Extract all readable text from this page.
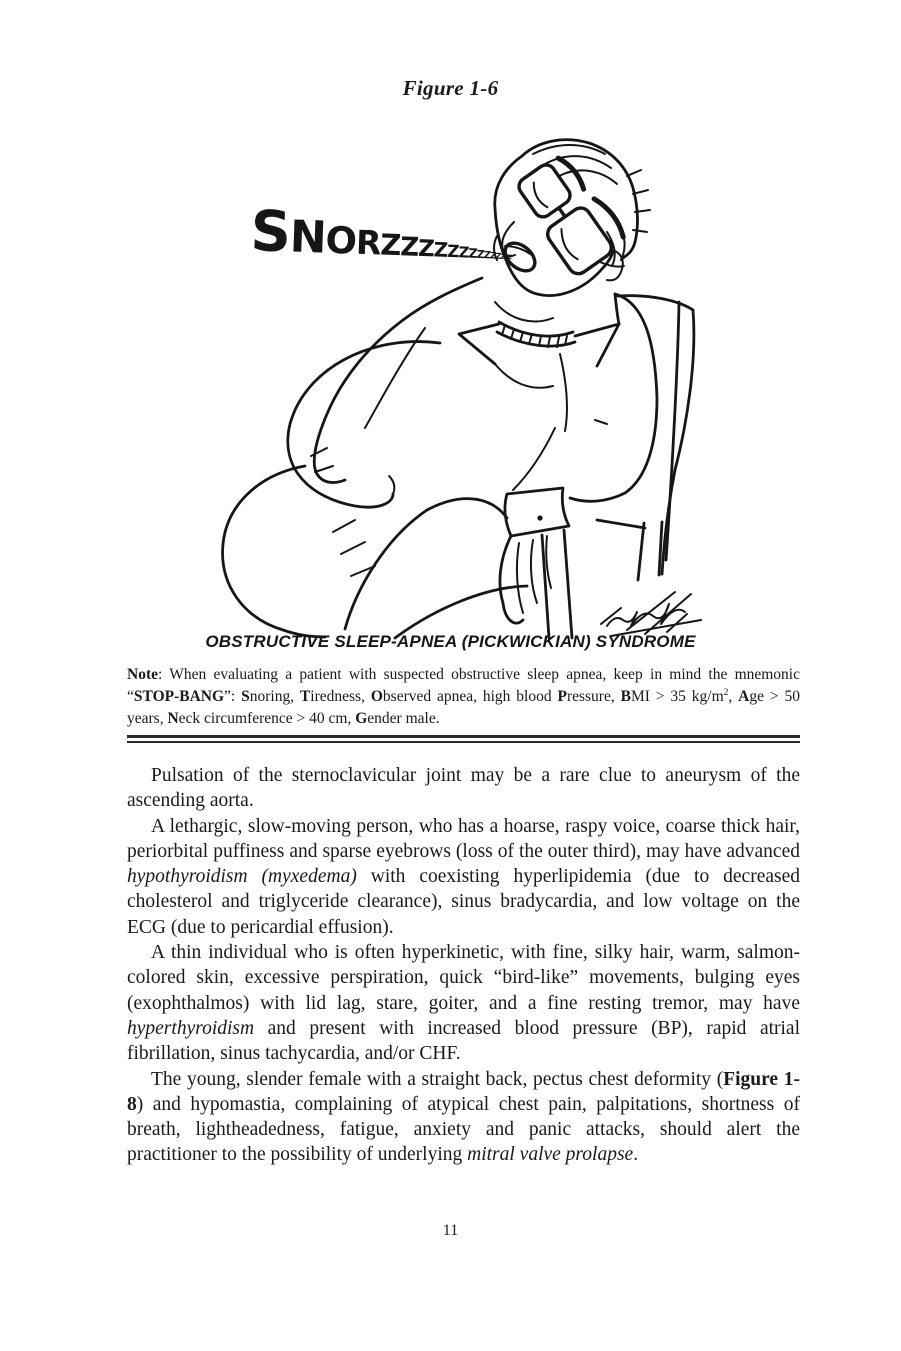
Figure 1-6
SNORZZZZZZZZZZZZZZ
OBSTRUCTIVE SLEEP-APNEA (PICKWICKIAN) SYNDROME
Note: When evaluating a patient with suspected obstructive sleep apnea, keep in mind the mnemonic “STOP-BANG”: Snoring, Tiredness, Observed apnea, high blood Pressure, BMI > 35 $kg/m^2$, Age > 50 years, Neck circumference > 40 cm, Gender male.

Pulsation of the sternoclavicular joint may be a rare clue to aneurysm of the ascending aorta.

A lethargic, slow-moving person, who has a hoarse, raspy voice, coarse thick hair, periorbital puffiness and sparse eyebrows (loss of the outer third), may have advanced hypothyroidism (myxedema) with coexisting hyperlipidemia (due to decreased cholesterol and triglyceride clearance), sinus bradycardia, and low voltage on the ECG (due to pericardial effusion).

A thin individual who is often hyperkinetic, with fine, silky hair, warm, salmon-colored skin, excessive perspiration, quick “bird-like” movements, bulging eyes (exophthalmos) with lid lag, stare, goiter, and a fine resting tremor, may have hyperthyroidism and present with increased blood pressure (BP), rapid atrial fibrillation, sinus tachycardia, and/or CHF.

The young, slender female with a straight back, pectus chest deformity (Figure 1-8) and hypomastia, complaining of atypical chest pain, palpitations, shortness of breath, lightheadedness, fatigue, anxiety and panic attacks, should alert the practitioner to the possibility of underlying mitral valve prolapse.

11
